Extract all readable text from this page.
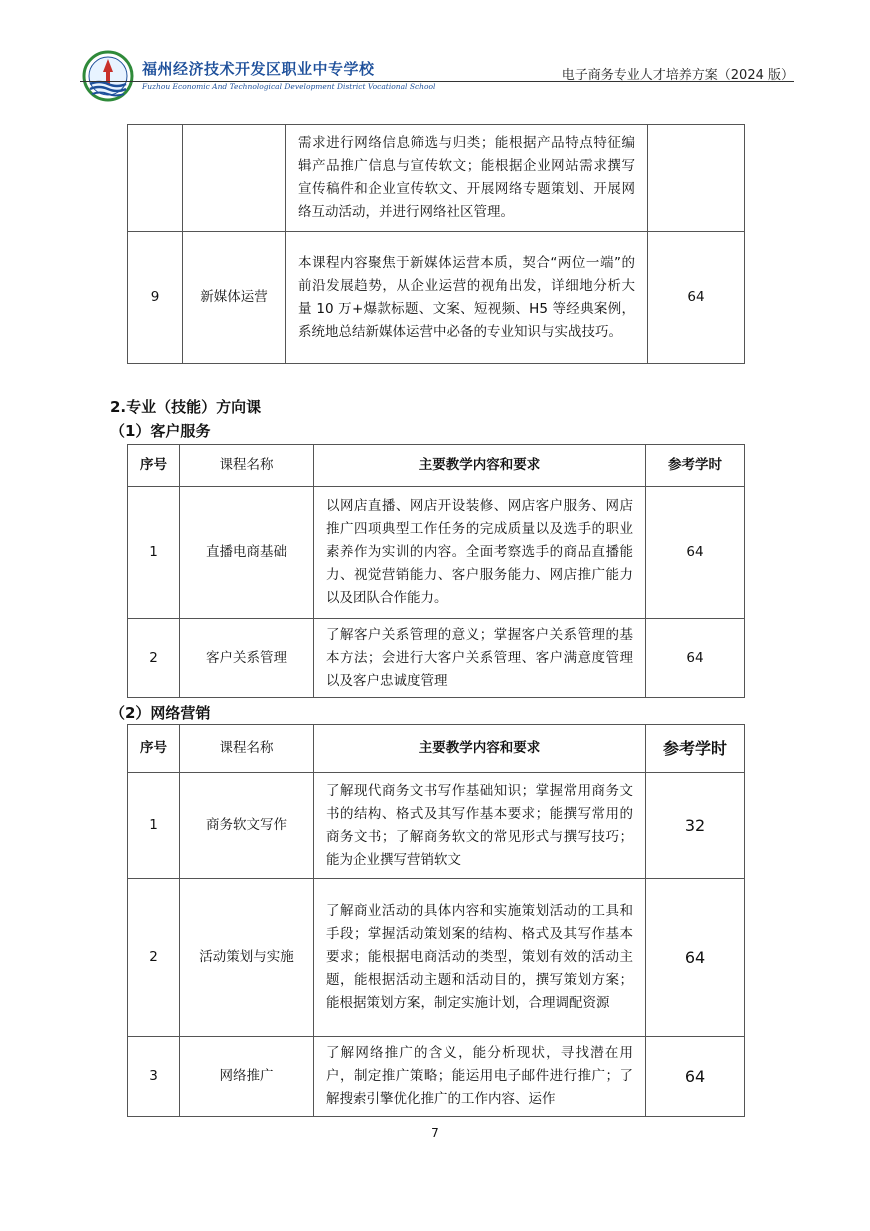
福州经济技术开发区职业中专学校
Fuzhou Economic And Technological Development District Vocational School
电子商务专业人才培养方案（2024 版）
		需求进行网络信息筛选与归类；能根据产品特点特征编辑产品推广信息与宣传软文；能根据企业网站需求撰写宣传稿件和企业宣传软文、开展网络专题策划、开展网络互动活动，并进行网络社区管理。	
9	新媒体运营	本课程内容聚焦于新媒体运营本质，契合“两位一端”的前沿发展趋势，从企业运营的视角出发，详细地分析大量 10 万+爆款标题、文案、短视频、H5 等经典案例，系统地总结新媒体运营中必备的专业知识与实战技巧。	64
2.专业（技能）方向课
（1）客户服务
序号	课程名称	主要教学内容和要求	参考学时
1	直播电商基础	以网店直播、网店开设装修、网店客户服务、网店推广四项典型工作任务的完成质量以及选手的职业素养作为实训的内容。全面考察选手的商品直播能力、视觉营销能力、客户服务能力、网店推广能力以及团队合作能力。	64
2	客户关系管理	了解客户关系管理的意义；掌握客户关系管理的基本方法；会进行大客户关系管理、客户满意度管理以及客户忠诚度管理	64
（2）网络营销
序号	课程名称	主要教学内容和要求	参考学时
1	商务软文写作	了解现代商务文书写作基础知识；掌握常用商务文书的结构、格式及其写作基本要求；能撰写常用的商务文书；了解商务软文的常见形式与撰写技巧；能为企业撰写营销软文	32
2	活动策划与实施	了解商业活动的具体内容和实施策划活动的工具和手段；掌握活动策划案的结构、格式及其写作基本要求；能根据电商活动的类型，策划有效的活动主题，能根据活动主题和活动目的，撰写策划方案；能根据策划方案，制定实施计划，合理调配资源	64
3	网络推广	了解网络推广的含义，能分析现状，寻找潜在用户，制定推广策略；能运用电子邮件进行推广；了解搜索引擎优化推广的工作内容、运作	64
7
